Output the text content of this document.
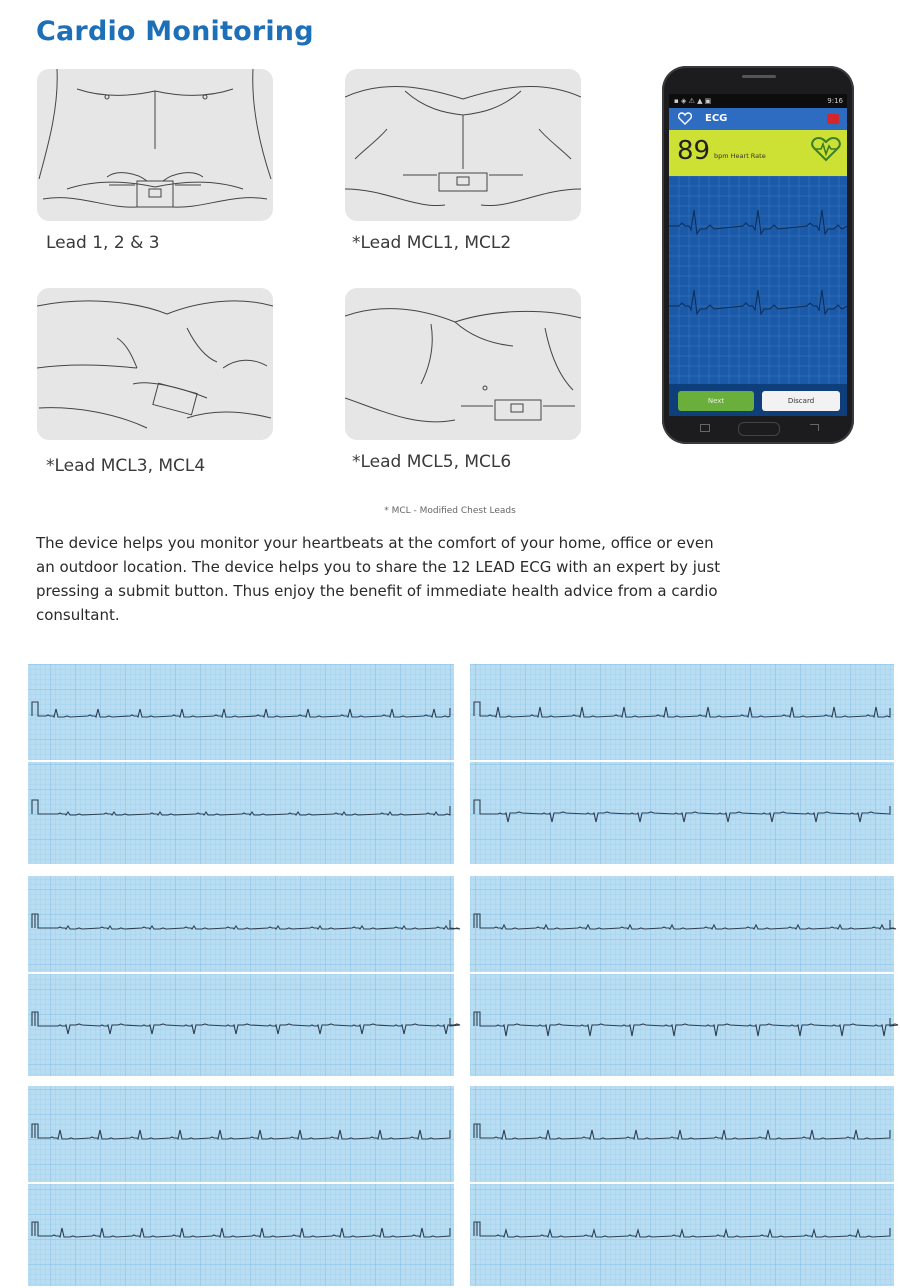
Cardio Monitoring
Lead 1, 2 & 3	*Lead MCL1, MCL2
*Lead MCL3, MCL4	*Lead MCL5, MCL6
▪ ◈ ⚠ ▲ ▣	9:16
ECG
89 bpm Heart Rate
Next	Discard
* MCL - Modified Chest Leads

The device helps you monitor your heartbeats at the comfort of your home, office or even an outdoor location. The device helps you to share the 12 LEAD ECG with an expert by just pressing a submit button. Thus enjoy the benefit of immediate health advice from a cardio consultant.
